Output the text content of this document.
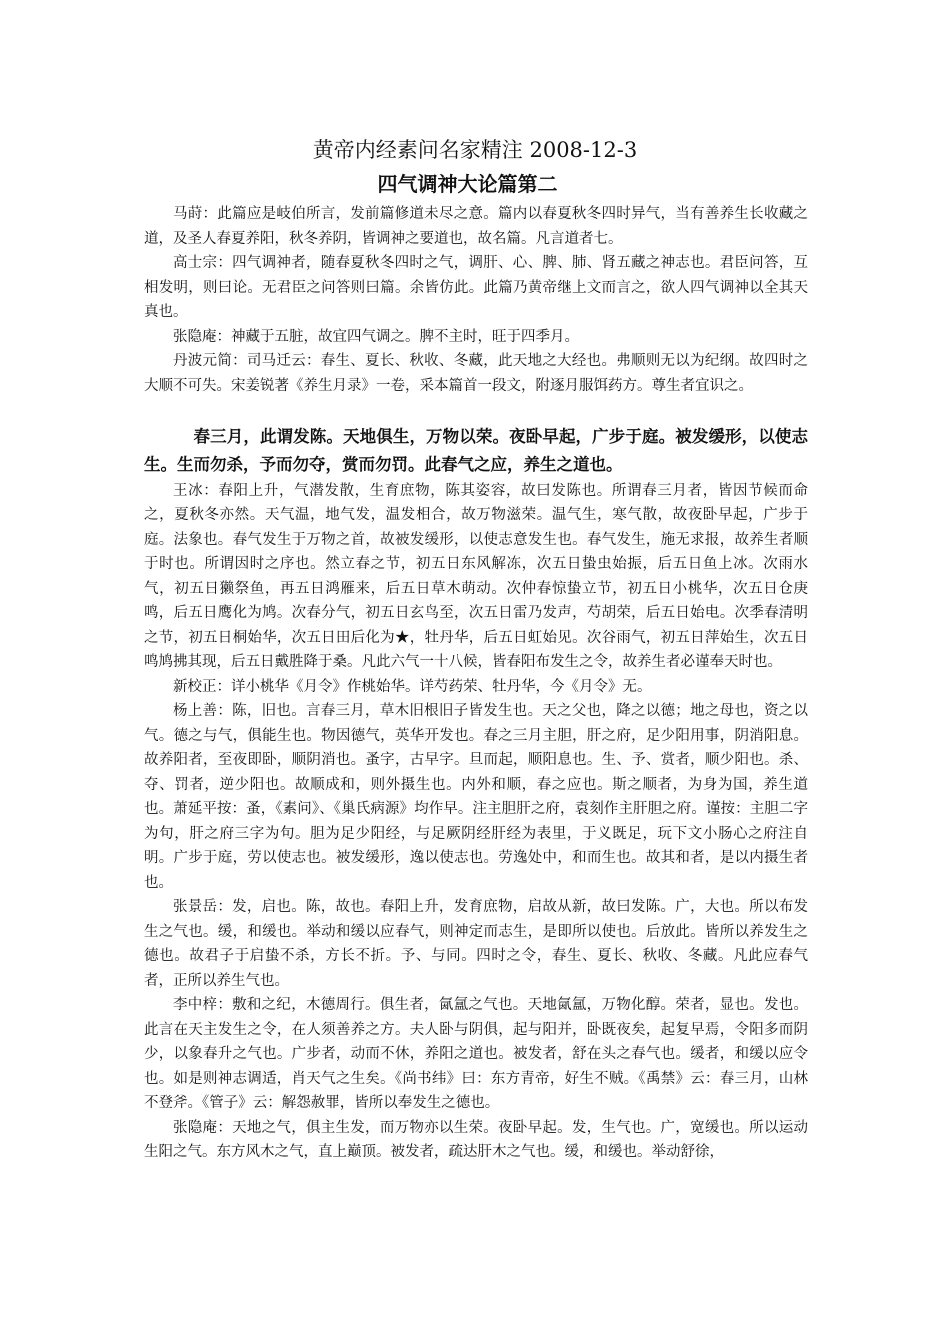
黄帝内经素问名家精注 2008-12-3
四气调神大论篇第二

马莳：此篇应是岐伯所言，发前篇修道未尽之意。篇内以春夏秋冬四时异气，当有善养生长收藏之道，及圣人春夏养阳，秋冬养阴，皆调神之要道也，故名篇。凡言道者七。

高士宗：四气调神者，随春夏秋冬四时之气，调肝、心、脾、肺、肾五藏之神志也。君臣问答，互相发明，则曰论。无君臣之问答则曰篇。余皆仿此。此篇乃黄帝继上文而言之，欲人四气调神以全其天真也。

张隐庵：神藏于五脏，故宜四气调之。脾不主时，旺于四季月。

丹波元简：司马迁云：春生、夏长、秋收、冬藏，此天地之大经也。弗顺则无以为纪纲。故四时之大顺不可失。宋姜锐著《养生月录》一卷，采本篇首一段文，附逐月服饵药方。尊生者宜识之。

春三月，此谓发陈。天地俱生，万物以荣。夜卧早起，广步于庭。被发缓形，以使志生。生而勿杀，予而勿夺，赏而勿罚。此春气之应，养生之道也。

王冰：春阳上升，气潜发散，生育庶物，陈其姿容，故曰发陈也。所谓春三月者，皆因节候而命之，夏秋冬亦然。天气温，地气发，温发相合，故万物滋荣。温气生，寒气散，故夜卧早起，广步于庭。法象也。春气发生于万物之首，故被发缓形，以使志意发生也。春气发生，施无求报，故养生者顺于时也。所谓因时之序也。然立春之节，初五日东风解冻，次五日蛰虫始振，后五日鱼上冰。次雨水气，初五日獭祭鱼，再五日鸿雁来，后五日草木萌动。次仲春惊蛰立节，初五日小桃华，次五日仓庚鸣，后五日鹰化为鸠。次春分气，初五日玄鸟至，次五日雷乃发声，芍胡荣，后五日始电。次季春清明之节，初五日桐始华，次五日田后化为★，牡丹华，后五日虹始见。次谷雨气，初五日萍始生，次五日鸣鸠拂其现，后五日戴胜降于桑。凡此六气一十八候，皆春阳布发生之令，故养生者必谨奉天时也。

新校正：详小桃华《月令》作桃始华。详芍药荣、牡丹华，今《月令》无。

杨上善：陈，旧也。言春三月，草木旧根旧子皆发生也。天之父也，降之以德；地之母也，资之以气。德之与气，俱能生也。物因德气，英华开发也。春之三月主胆，肝之府，足少阳用事，阴消阳息。故养阳者，至夜即卧，顺阴消也。蚤字，古早字。旦而起，顺阳息也。生、予、赏者，顺少阳也。杀、夺、罚者，逆少阳也。故顺成和，则外摄生也。内外和顺，春之应也。斯之顺者，为身为国，养生道也。萧延平按：蚤，《素问》、《巢氏病源》均作早。注主胆肝之府，袁刻作主肝胆之府。谨按：主胆二字为句，肝之府三字为句。胆为足少阳经，与足厥阴经肝经为表里，于义既足，玩下文小肠心之府注自明。广步于庭，劳以使志也。被发缓形，逸以使志也。劳逸处中，和而生也。故其和者，是以内摄生者也。

张景岳：发，启也。陈，故也。春阳上升，发育庶物，启故从新，故曰发陈。广，大也。所以布发生之气也。缓，和缓也。举动和缓以应春气，则神定而志生，是即所以使也。后放此。皆所以养发生之德也。故君子于启蛰不杀，方长不折。予、与同。四时之令，春生、夏长、秋收、冬藏。凡此应春气者，正所以养生气也。

李中梓：敷和之纪，木德周行。俱生者，氤氲之气也。天地氤氲，万物化醇。荣者，显也。发也。此言在天主发生之令，在人须善养之方。夫人卧与阴俱，起与阳并，卧既夜矣，起复早焉，令阳多而阴少，以象春升之气也。广步者，动而不休，养阳之道也。被发者，舒在头之春气也。缓者，和缓以应令也。如是则神志调适，肖天气之生矣。《尚书纬》曰：东方青帝，好生不贼。《禹禁》云：春三月，山林不登斧。《管子》云：解怨赦罪，皆所以奉发生之德也。

张隐庵：天地之气，俱主生发，而万物亦以生荣。夜卧早起。发，生气也。广，宽缓也。所以运动生阳之气。东方风木之气，直上巅顶。被发者，疏达肝木之气也。缓，和缓也。举动舒徐，
